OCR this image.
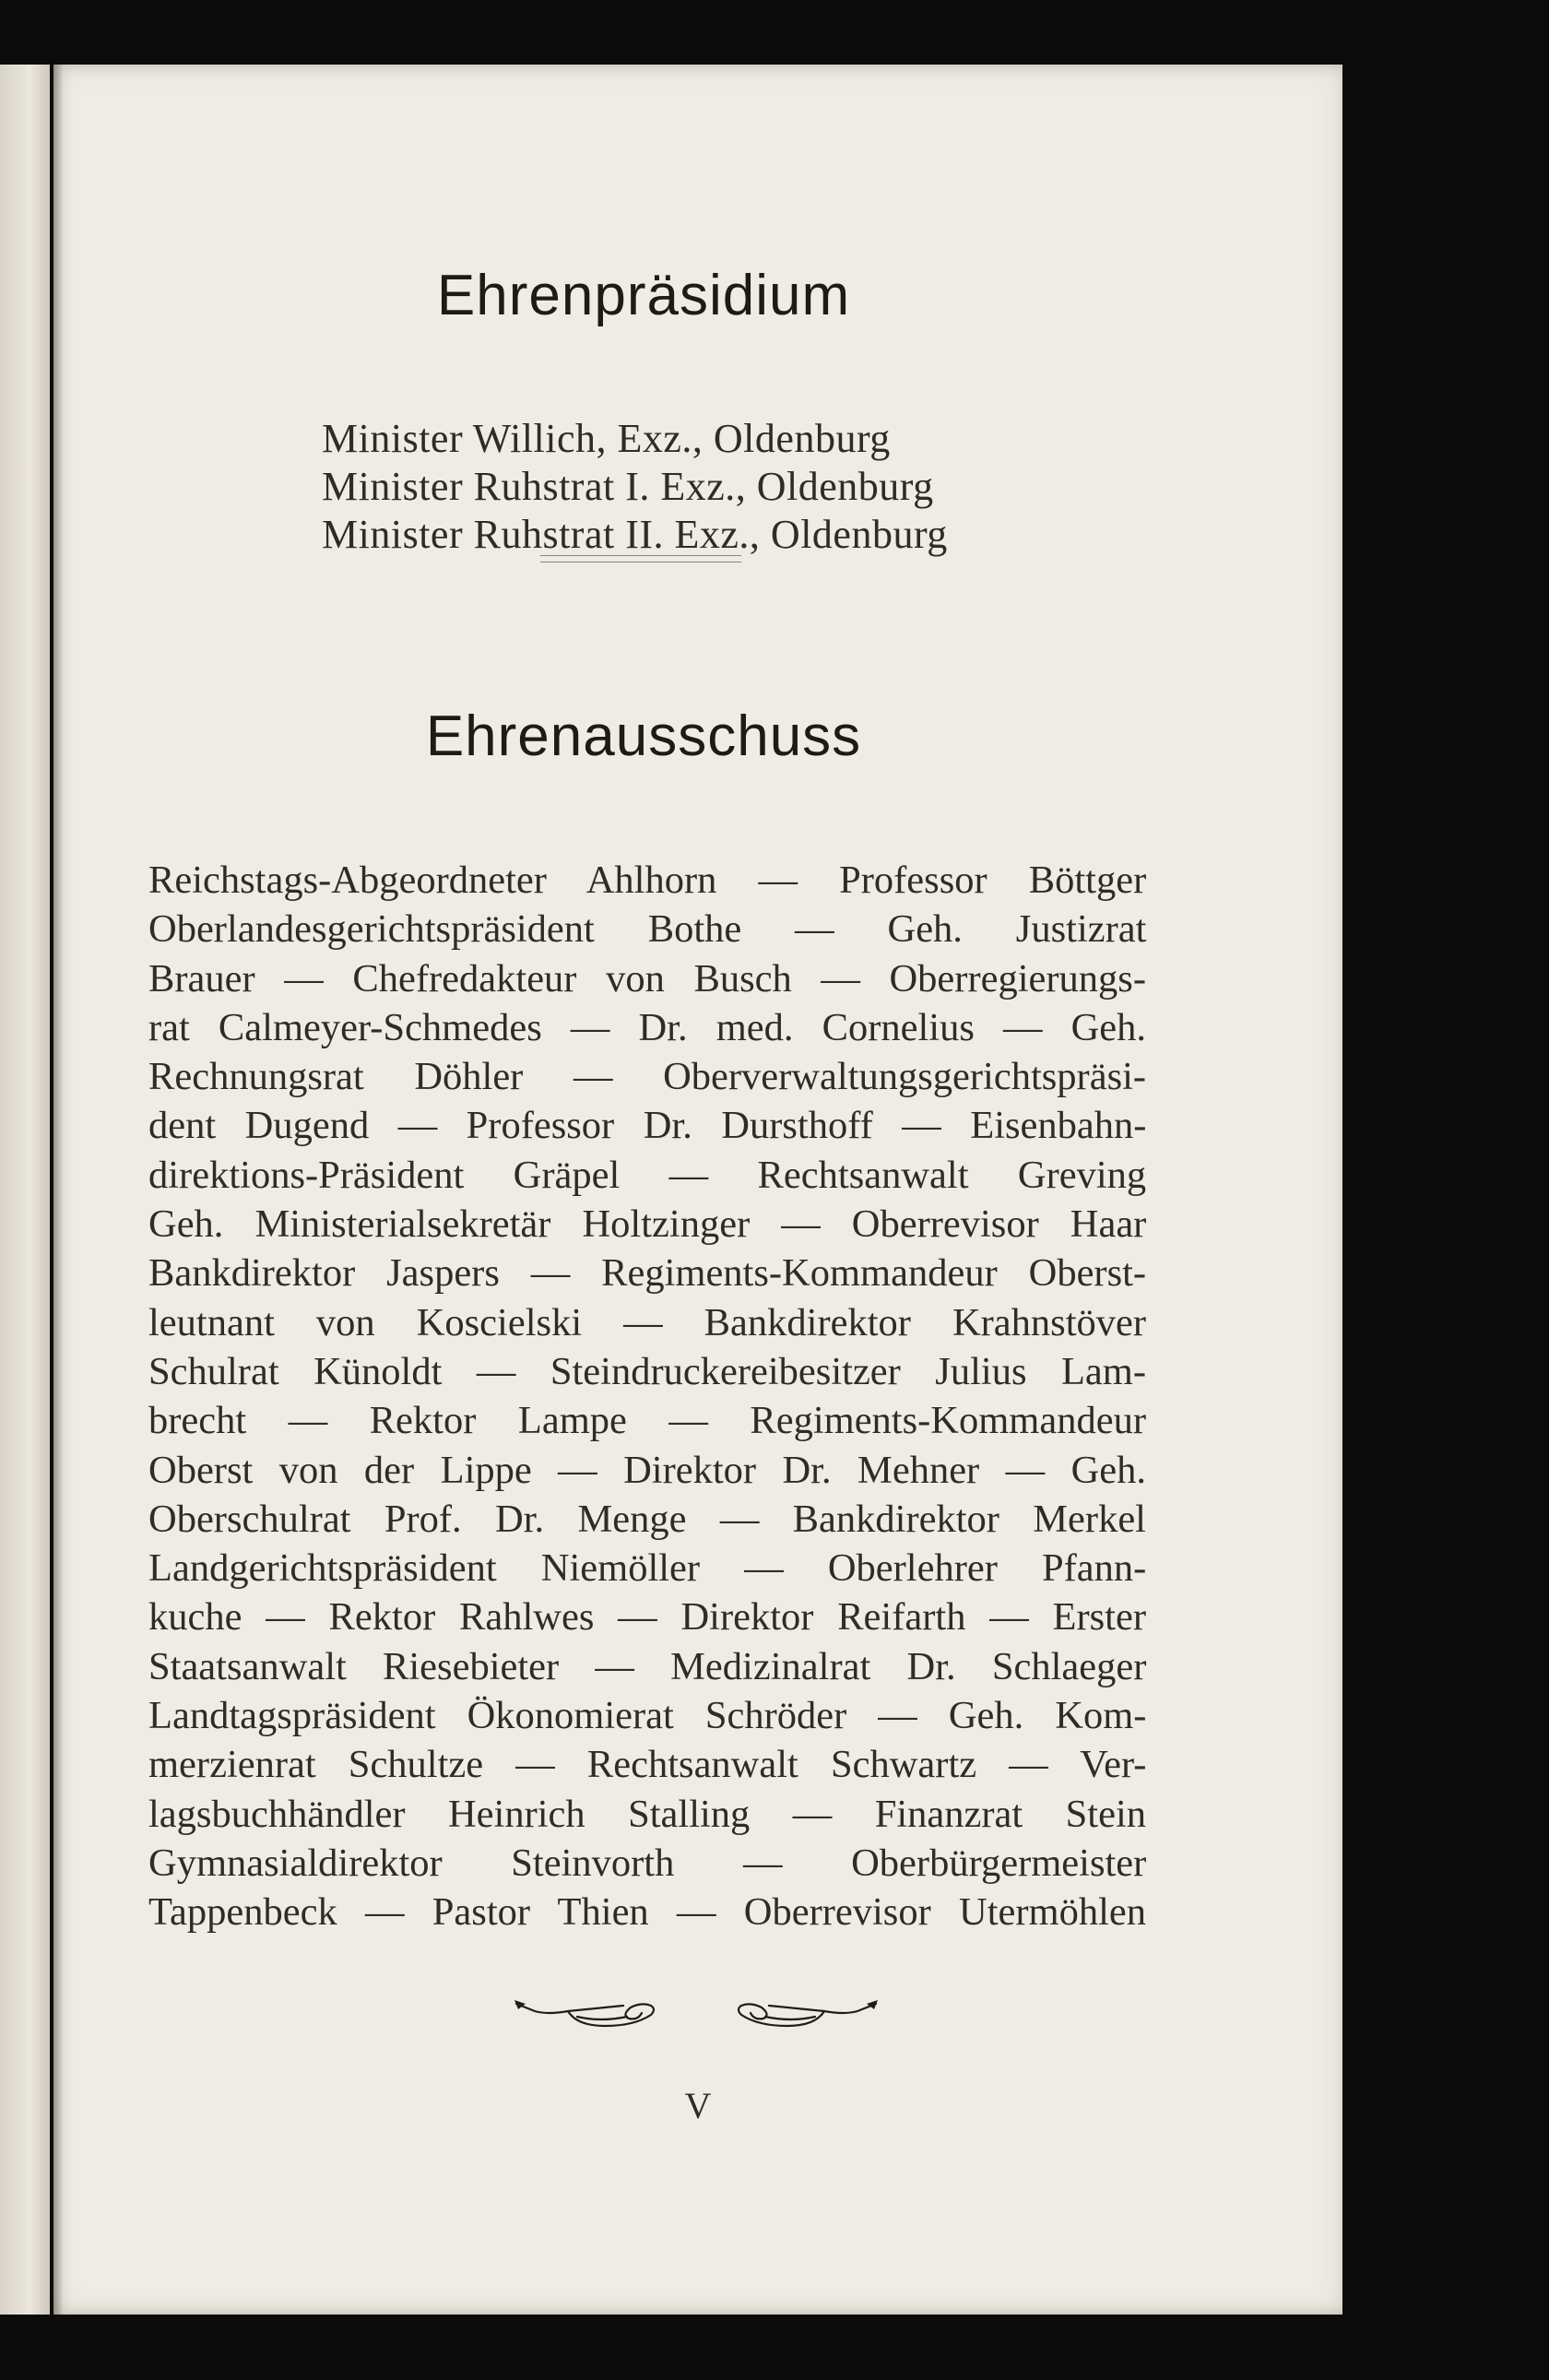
Ehrenpräsidium
Minister Willich, Exz., Oldenburg
Minister Ruhstrat I. Exz., Oldenburg
Minister Ruhstrat II. Exz., Oldenburg
Ehrenausschuss
Reichstags-Abgeordneter Ahlhorn — Professor Böttger
Oberlandesgerichtspräsident Bothe — Geh. Justizrat
Brauer — Chefredakteur von Busch — Oberregierungs-
rat Calmeyer-Schmedes — Dr. med. Cornelius — Geh.
Rechnungsrat Döhler — Oberverwaltungsgerichtspräsi-
dent Dugend — Professor Dr. Dursthoff — Eisenbahn-
direktions-Präsident Gräpel — Rechtsanwalt Greving
Geh. Ministerialsekretär Holtzinger — Oberrevisor Haar
Bankdirektor Jaspers — Regiments-Kommandeur Oberst-
leutnant von Koscielski — Bankdirektor Krahnstöver
Schulrat Künoldt — Steindruckereibesitzer Julius Lam-
brecht — Rektor Lampe — Regiments-Kommandeur
Oberst von der Lippe — Direktor Dr. Mehner — Geh.
Oberschulrat Prof. Dr. Menge — Bankdirektor Merkel
Landgerichtspräsident Niemöller — Oberlehrer Pfann-
kuche — Rektor Rahlwes — Direktor Reifarth — Erster
Staatsanwalt Riesebieter — Medizinalrat Dr. Schlaeger
Landtagspräsident Ökonomierat Schröder — Geh. Kom-
merzienrat Schultze — Rechtsanwalt Schwartz — Ver-
lagsbuchhändler Heinrich Stalling — Finanzrat Stein
Gymnasialdirektor Steinvorth — Oberbürgermeister
Tappenbeck — Pastor Thien — Oberrevisor Utermöhlen
V
